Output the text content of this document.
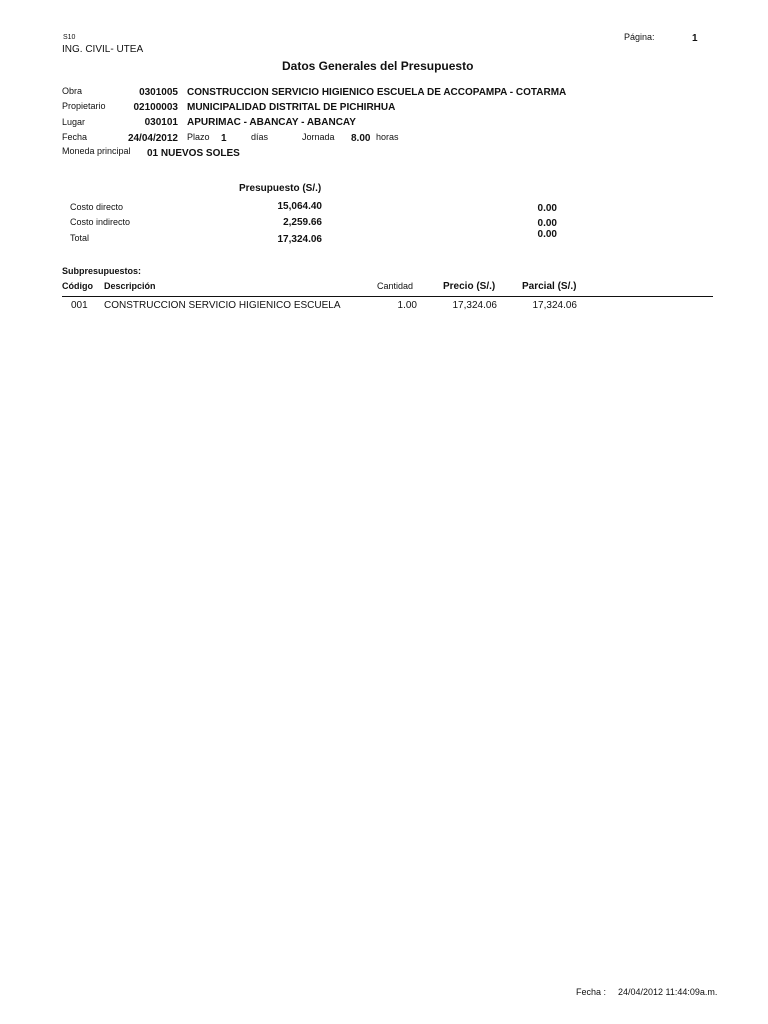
S10
ING. CIVIL- UTEA
Página:	1
Datos Generales del Presupuesto
Obra	0301005 CONSTRUCCION SERVICIO HIGIENICO ESCUELA DE ACCOPAMPA - COTARMA
Propietario	02100003 MUNICIPALIDAD DISTRITAL DE PICHIRHUA
Lugar	030101 APURIMAC - ABANCAY - ABANCAY
Fecha	24/04/2012 Plazo 1	días	Jornada 8.00 horas
Moneda principal 01 NUEVOS SOLES
Presupuesto (S/.)
Costo directo	15,064.40	0.00
Costo indirecto	2,259.66	0.00
Total	17,324.06	0.00
Subpresupuestos:
Código Descripción	Cantidad	Precio (S/.)	Parcial (S/.)
001 CONSTRUCCION SERVICIO HIGIENICO ESCUELA	1.00	17,324.06	17,324.06
Fecha : 24/04/2012 11:44:09a.m.
